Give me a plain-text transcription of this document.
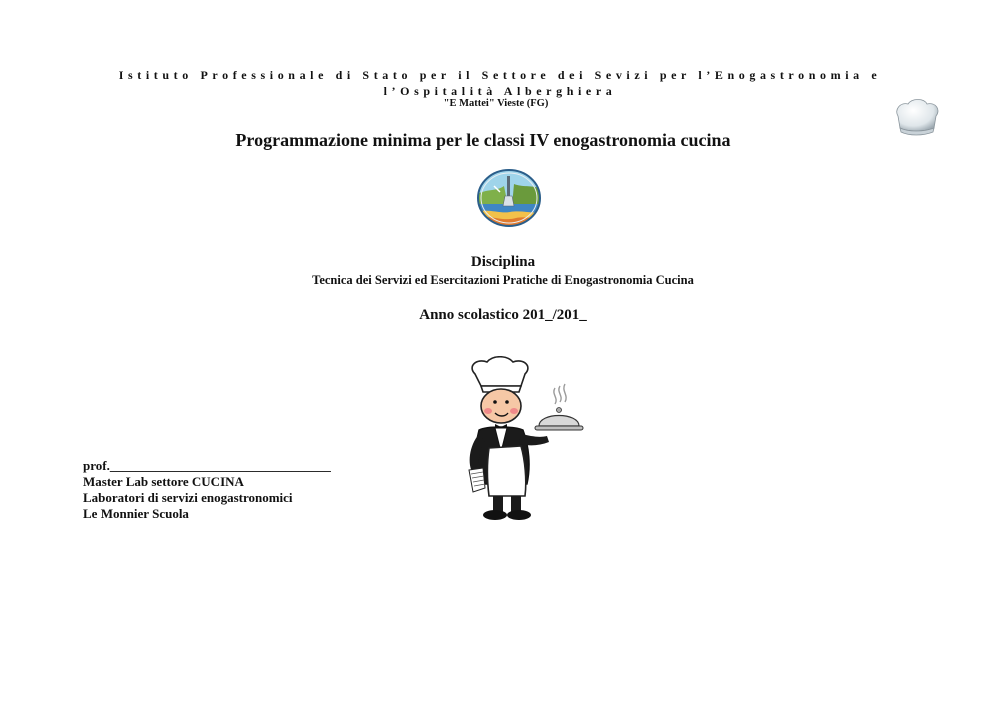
Istituto Professionale di Stato per il Settore dei Sevizi per l’Enogastronomia e
l’Ospitalità Alberghiera
"E Mattei" Vieste (FG)
Programmazione minima per le classi IV enogastronomia cucina
Disciplina
Tecnica dei Servizi ed Esercitazioni Pratiche di Enogastronomia Cucina
Anno scolastico 201_/201_
prof.__________________________________
Master Lab settore CUCINA
Laboratori di servizi enogastronomici
Le Monnier Scuola
